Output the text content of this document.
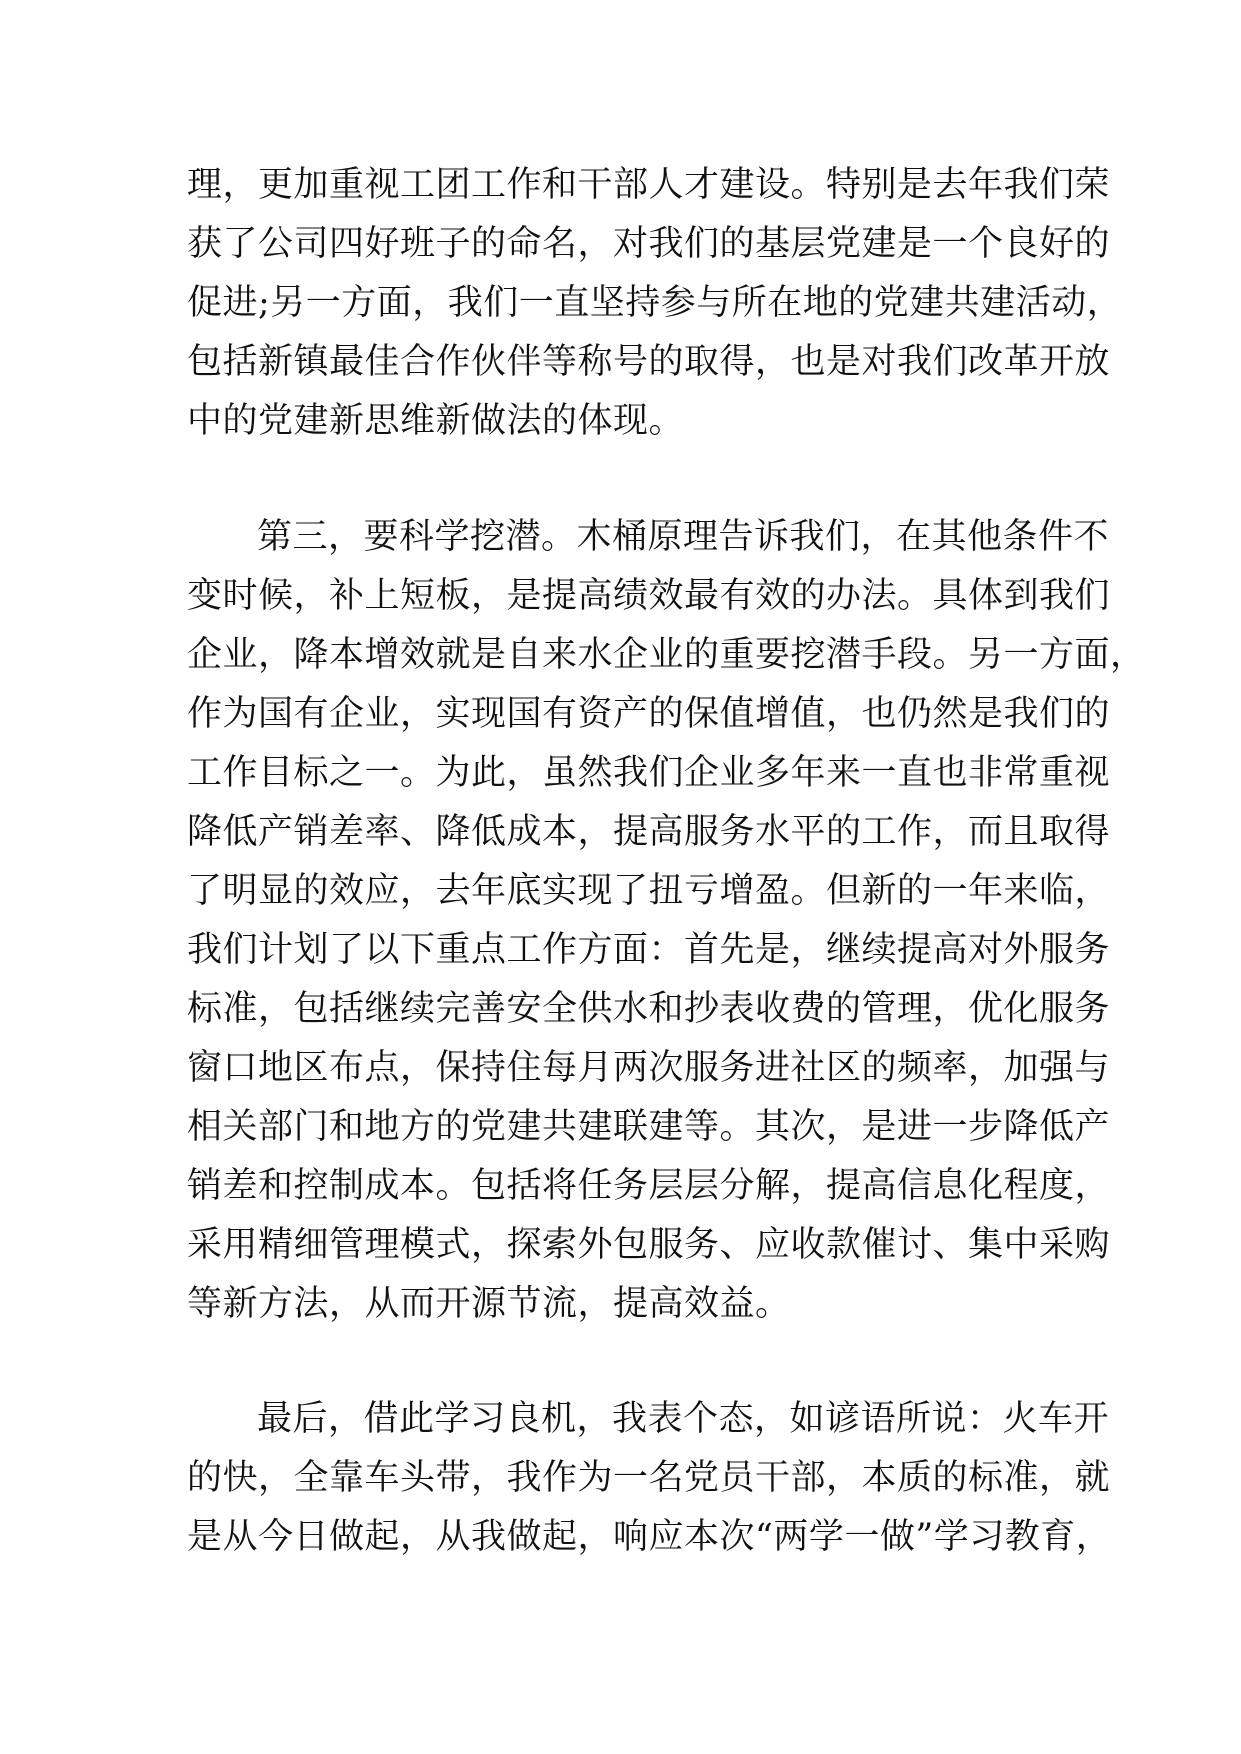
理，更加重视工团工作和干部人才建设。特别是去年我们荣
获了公司四好班子的命名，对我们的基层党建是一个良好的
促进;另一方面，我们一直坚持参与所在地的党建共建活动，
包括新镇最佳合作伙伴等称号的取得，也是对我们改革开放
中的党建新思维新做法的体现。
第三，要科学挖潜。木桶原理告诉我们，在其他条件不
变时候，补上短板，是提高绩效最有效的办法。具体到我们
企业，降本增效就是自来水企业的重要挖潜手段。另一方面，
作为国有企业，实现国有资产的保值增值，也仍然是我们的
工作目标之一。为此，虽然我们企业多年来一直也非常重视
降低产销差率、降低成本，提高服务水平的工作，而且取得
了明显的效应，去年底实现了扭亏增盈。但新的一年来临，
我们计划了以下重点工作方面：首先是，继续提高对外服务
标准，包括继续完善安全供水和抄表收费的管理，优化服务
窗口地区布点，保持住每月两次服务进社区的频率，加强与
相关部门和地方的党建共建联建等。其次，是进一步降低产
销差和控制成本。包括将任务层层分解，提高信息化程度，
采用精细管理模式，探索外包服务、应收款催讨、集中采购
等新方法，从而开源节流，提高效益。
最后，借此学习良机，我表个态，如谚语所说：火车开
的快，全靠车头带，我作为一名党员干部，本质的标准，就
是从今日做起，从我做起，响应本次“两学一做”学习教育，
